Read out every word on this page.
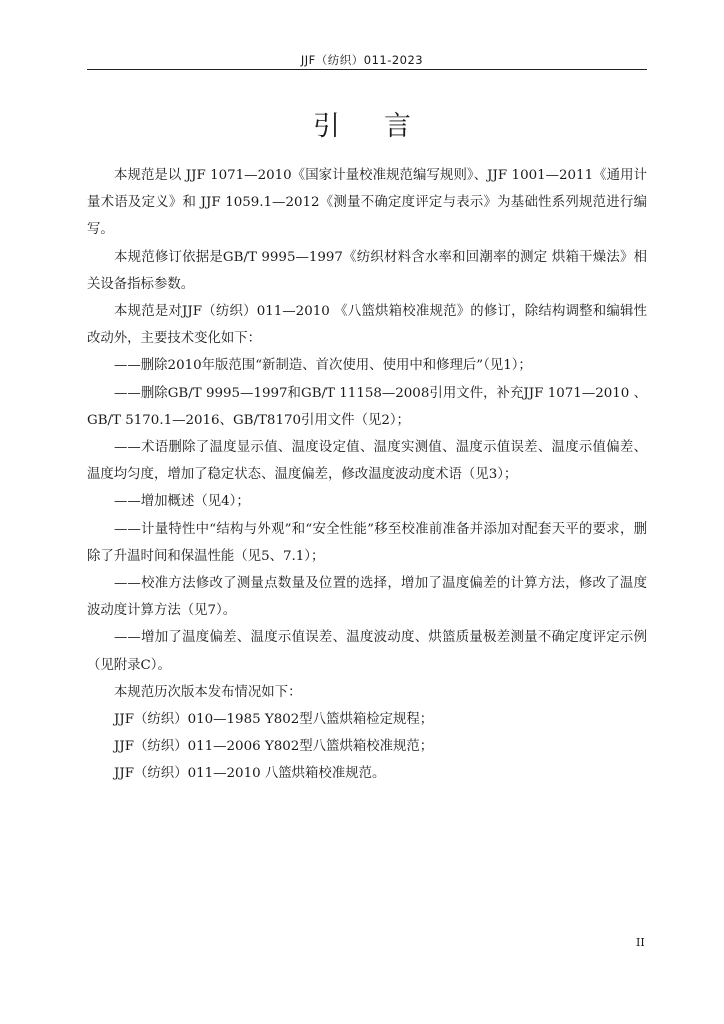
JJF（纺织）011-2023
引言

本规范是以 JJF 1071—2010《国家计量校准规范编写规则》、JJF 1001—2011《通用计量术语及定义》和 JJF 1059.1—2012《测量不确定度评定与表示》为基础性系列规范进行编写。

本规范修订依据是GB/T 9995—1997《纺织材料含水率和回潮率的测定 烘箱干燥法》相关设备指标参数。

本规范是对JJF（纺织）011—2010 《八篮烘箱校准规范》的修订，除结构调整和编辑性改动外，主要技术变化如下：

——删除2010年版范围“新制造、首次使用、使用中和修理后”（见1）；

——删除GB/T 9995—1997和GB/T 11158—2008引用文件，补充JJF 1071—2010 、GB/T 5170.1—2016、GB/T8170引用文件（见2）；

——术语删除了温度显示值、温度设定值、温度实测值、温度示值误差、温度示值偏差、温度均匀度，增加了稳定状态、温度偏差，修改温度波动度术语（见3）；

——增加概述（见4）；

——计量特性中“结构与外观”和“安全性能”移至校准前准备并添加对配套天平的要求，删除了升温时间和保温性能（见5、7.1）；

——校准方法修改了测量点数量及位置的选择，增加了温度偏差的计算方法，修改了温度波动度计算方法（见7）。

——增加了温度偏差、温度示值误差、温度波动度、烘篮质量极差测量不确定度评定示例（见附录C）。

本规范历次版本发布情况如下：

JJF（纺织）010—1985 Y802型八篮烘箱检定规程；

JJF（纺织）011—2006 Y802型八篮烘箱校准规范；

JJF（纺织）011—2010 八篮烘箱校准规范。

II
